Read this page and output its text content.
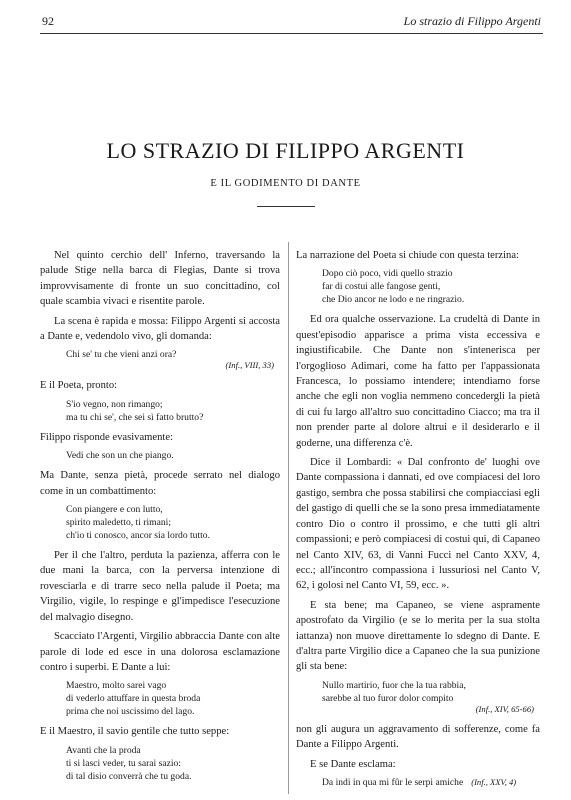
92	Lo strazio di Filippo Argenti
LO STRAZIO DI FILIPPO ARGENTI
E IL GODIMENTO DI DANTE

Nel quinto cerchio dell' Inferno, traversando la palude Stige nella barca di Flegias, Dante si trova improvvisamente di fronte un suo concittadino, col quale scambia vivaci e risentite parole.

La scena è rapida e mossa: Filippo Argenti si accosta a Dante e, vedendolo vivo, gli domanda:

Chi se' tu che vieni anzi ora?
(Inf., VIII, 33)

E il Poeta, pronto:

S'io vegno, non rimango;
ma tu chi se', che sei sì fatto brutto?

Filippo risponde evasivamente:

Vedi che son un che piango.

Ma Dante, senza pietà, procede serrato nel dialogo come in un combattimento:

Con piangere e con lutto,
spirito maledetto, ti rimani;
ch'io ti conosco, ancor sia lordo tutto.

Per il che l'altro, perduta la pazienza, afferra con le due mani la barca, con la perversa intenzione di rovesciarla e di trarre seco nella palude il Poeta; ma Virgilio, vigile, lo respinge e gl'impedisce l'esecuzione del malvagio disegno.

Scacciato l'Argenti, Virgilio abbraccia Dante con alte parole di lode ed esce in una dolorosa esclamazione contro i superbi. E Dante a lui:

Maestro, molto sarei vago
di vederlo attuffare in questa broda
prima che noi uscissimo del lago.

E il Maestro, il savio gentile che tutto seppe:

Avanti che la proda
ti si lasci veder, tu sarai sazio:
di tal disio converrà che tu goda.

La narrazione del Poeta si chiude con questa terzina:

Dopo ciò poco, vidi quello strazio
far di costui alle fangose genti,
che Dio ancor ne lodo e ne ringrazio.

Ed ora qualche osservazione. La crudeltà di Dante in quest'episodio apparisce a prima vista eccessiva e ingiustificabile. Che Dante non s'intenerisca per l'orgoglioso Adimari, come ha fatto per l'appassionata Francesca, lo possiamo intendere; intendiamo forse anche che egli non voglia nemmeno concedergli la pietà di cui fu largo all'altro suo concittadino Ciacco; ma tra il non prender parte al dolore altrui e il desiderarlo e il goderne, una differenza c'è.

Dice il Lombardi: « Dal confronto de' luoghi ove Dante compassiona i dannati, ed ove compiacesi del loro gastigo, sembra che possa stabilirsi che compiacciasi egli del gastigo di quelli che se la sono presa immediatamente contro Dio o contro il prossimo, e che tutti gli altri compassioni; e però compiacesi di costui qui, di Capaneo nel Canto XIV, 63, di Vanni Fucci nel Canto XXV, 4, ecc.; all'incontro compassiona i lussuriosi nel Canto V, 62, i golosi nel Canto VI, 59, ecc. ».

E sta bene; ma Capaneo, se viene aspramente apostrofato da Virgilio (e se lo merita per la sua stolta iattanza) non muove direttamente lo sdegno di Dante. E d'altra parte Virgilio dice a Capaneo che la sua punizione gli sta bene:

Nullo martirio, fuor che la tua rabbia,
sarebbe al tuo furor dolor compito
(Inf., XIV, 65-66)

non gli augura un aggravamento di sofferenze, come fa Dante a Filippo Argenti.

E se Dante esclama:

Da indi in qua mi fûr le serpi amiche (Inf., XXV, 4)
